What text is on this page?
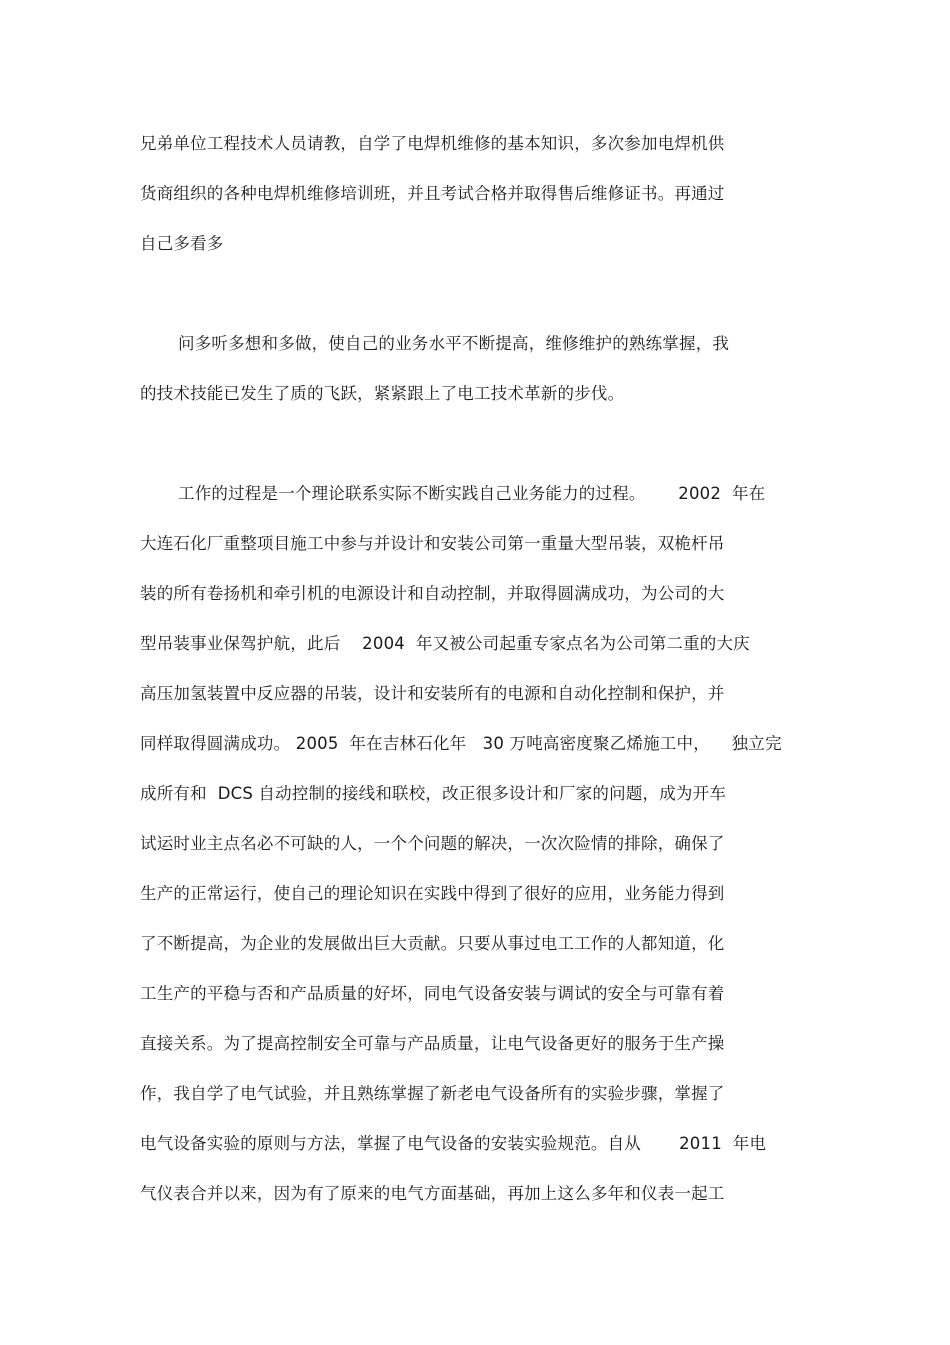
兄弟单位工程技术人员请教，自学了电焊机维修的基本知识，多次参加电焊机供
货商组织的各种电焊机维修培训班，并且考试合格并取得售后维修证书。再通过
自己多看多
问多听多想和多做，使自己的业务水平不断提高，维修维护的熟练掌握，我
的技术技能已发生了质的飞跃，紧紧跟上了电工技术革新的步伐。
工作的过程是一个理论联系实际不断实践自己业务能力的过程。      2002  年在
大连石化厂重整项目施工中参与并设计和安装公司第一重量大型吊装，双桅杆吊
装的所有卷扬机和牵引机的电源设计和自动控制，并取得圆满成功，为公司的大
型吊装事业保驾护航，此后    2004  年又被公司起重专家点名为公司第二重的大庆
高压加氢装置中反应器的吊装，设计和安装所有的电源和自动化控制和保护，并
同样取得圆满成功。 2005  年在吉林石化年   30 万吨高密度聚乙烯施工中，    独立完
成所有和  DCS 自动控制的接线和联校，改正很多设计和厂家的问题，成为开车
试运时业主点名必不可缺的人，一个个问题的解决，一次次险情的排除，确保了
生产的正常运行，使自己的理论知识在实践中得到了很好的应用，业务能力得到
了不断提高，为企业的发展做出巨大贡献。只要从事过电工工作的人都知道，化
工生产的平稳与否和产品质量的好坏，同电气设备安装与调试的安全与可靠有着
直接关系。为了提高控制安全可靠与产品质量，让电气设备更好的服务于生产操
作，我自学了电气试验，并且熟练掌握了新老电气设备所有的实验步骤，掌握了
电气设备实验的原则与方法，掌握了电气设备的安装实验规范。自从       2011  年电
气仪表合并以来，因为有了原来的电气方面基础，再加上这么多年和仪表一起工
